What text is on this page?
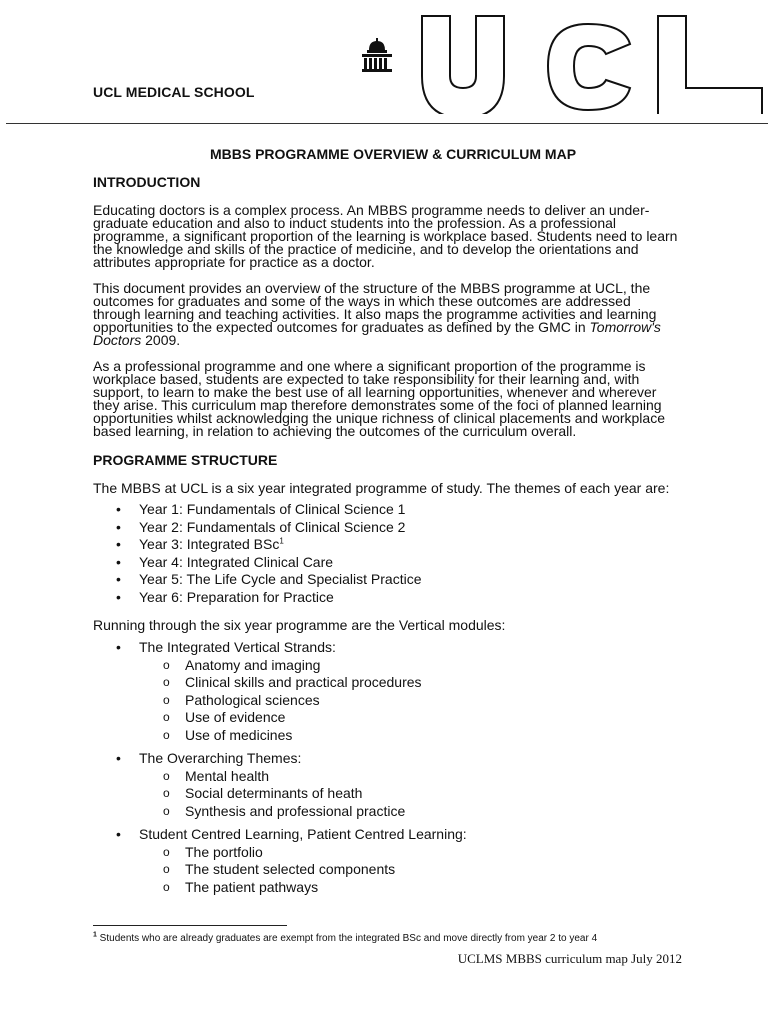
UCL MEDICAL SCHOOL

MBBS PROGRAMME OVERVIEW & CURRICULUM MAP

INTRODUCTION

Educating doctors is a complex process. An MBBS programme needs to deliver an under-
graduate education and also to induct students into the profession. As a professional
programme, a significant proportion of the learning is workplace based. Students need to learn
the knowledge and skills of the practice of medicine, and to develop the orientations and
attributes appropriate for practice as a doctor.

This document provides an overview of the structure of the MBBS programme at UCL, the
outcomes for graduates and some of the ways in which these outcomes are addressed
through learning and teaching activities. It also maps the programme activities and learning
opportunities to the expected outcomes for graduates as defined by the GMC in Tomorrow's
Doctors 2009.

As a professional programme and one where a significant proportion of the programme is
workplace based, students are expected to take responsibility for their learning and, with
support, to learn to make the best use of all learning opportunities, whenever and wherever
they arise. This curriculum map therefore demonstrates some of the foci of planned learning
opportunities whilst acknowledging the unique richness of clinical placements and workplace
based learning, in relation to achieving the outcomes of the curriculum overall.

PROGRAMME STRUCTURE

The MBBS at UCL is a six year integrated programme of study. The themes of each year are:

• Year 1: Fundamentals of Clinical Science 1
• Year 2: Fundamentals of Clinical Science 2
• Year 3: Integrated BSc$^1$
• Year 4: Integrated Clinical Care
• Year 5: The Life Cycle and Specialist Practice
• Year 6: Preparation for Practice

Running through the six year programme are the Vertical modules:

• The Integrated Vertical Strands:
o Anatomy and imaging
o Clinical skills and practical procedures
o Pathological sciences
o Use of evidence
o Use of medicines
• The Overarching Themes:
o Mental health
o Social determinants of heath
o Synthesis and professional practice
• Student Centred Learning, Patient Centred Learning:
o The portfolio
o The student selected components
o The patient pathways
$^1$ Students who are already graduates are exempt from the integrated BSc and move directly from year 2 to year 4
UCLMS MBBS curriculum map July 2012
